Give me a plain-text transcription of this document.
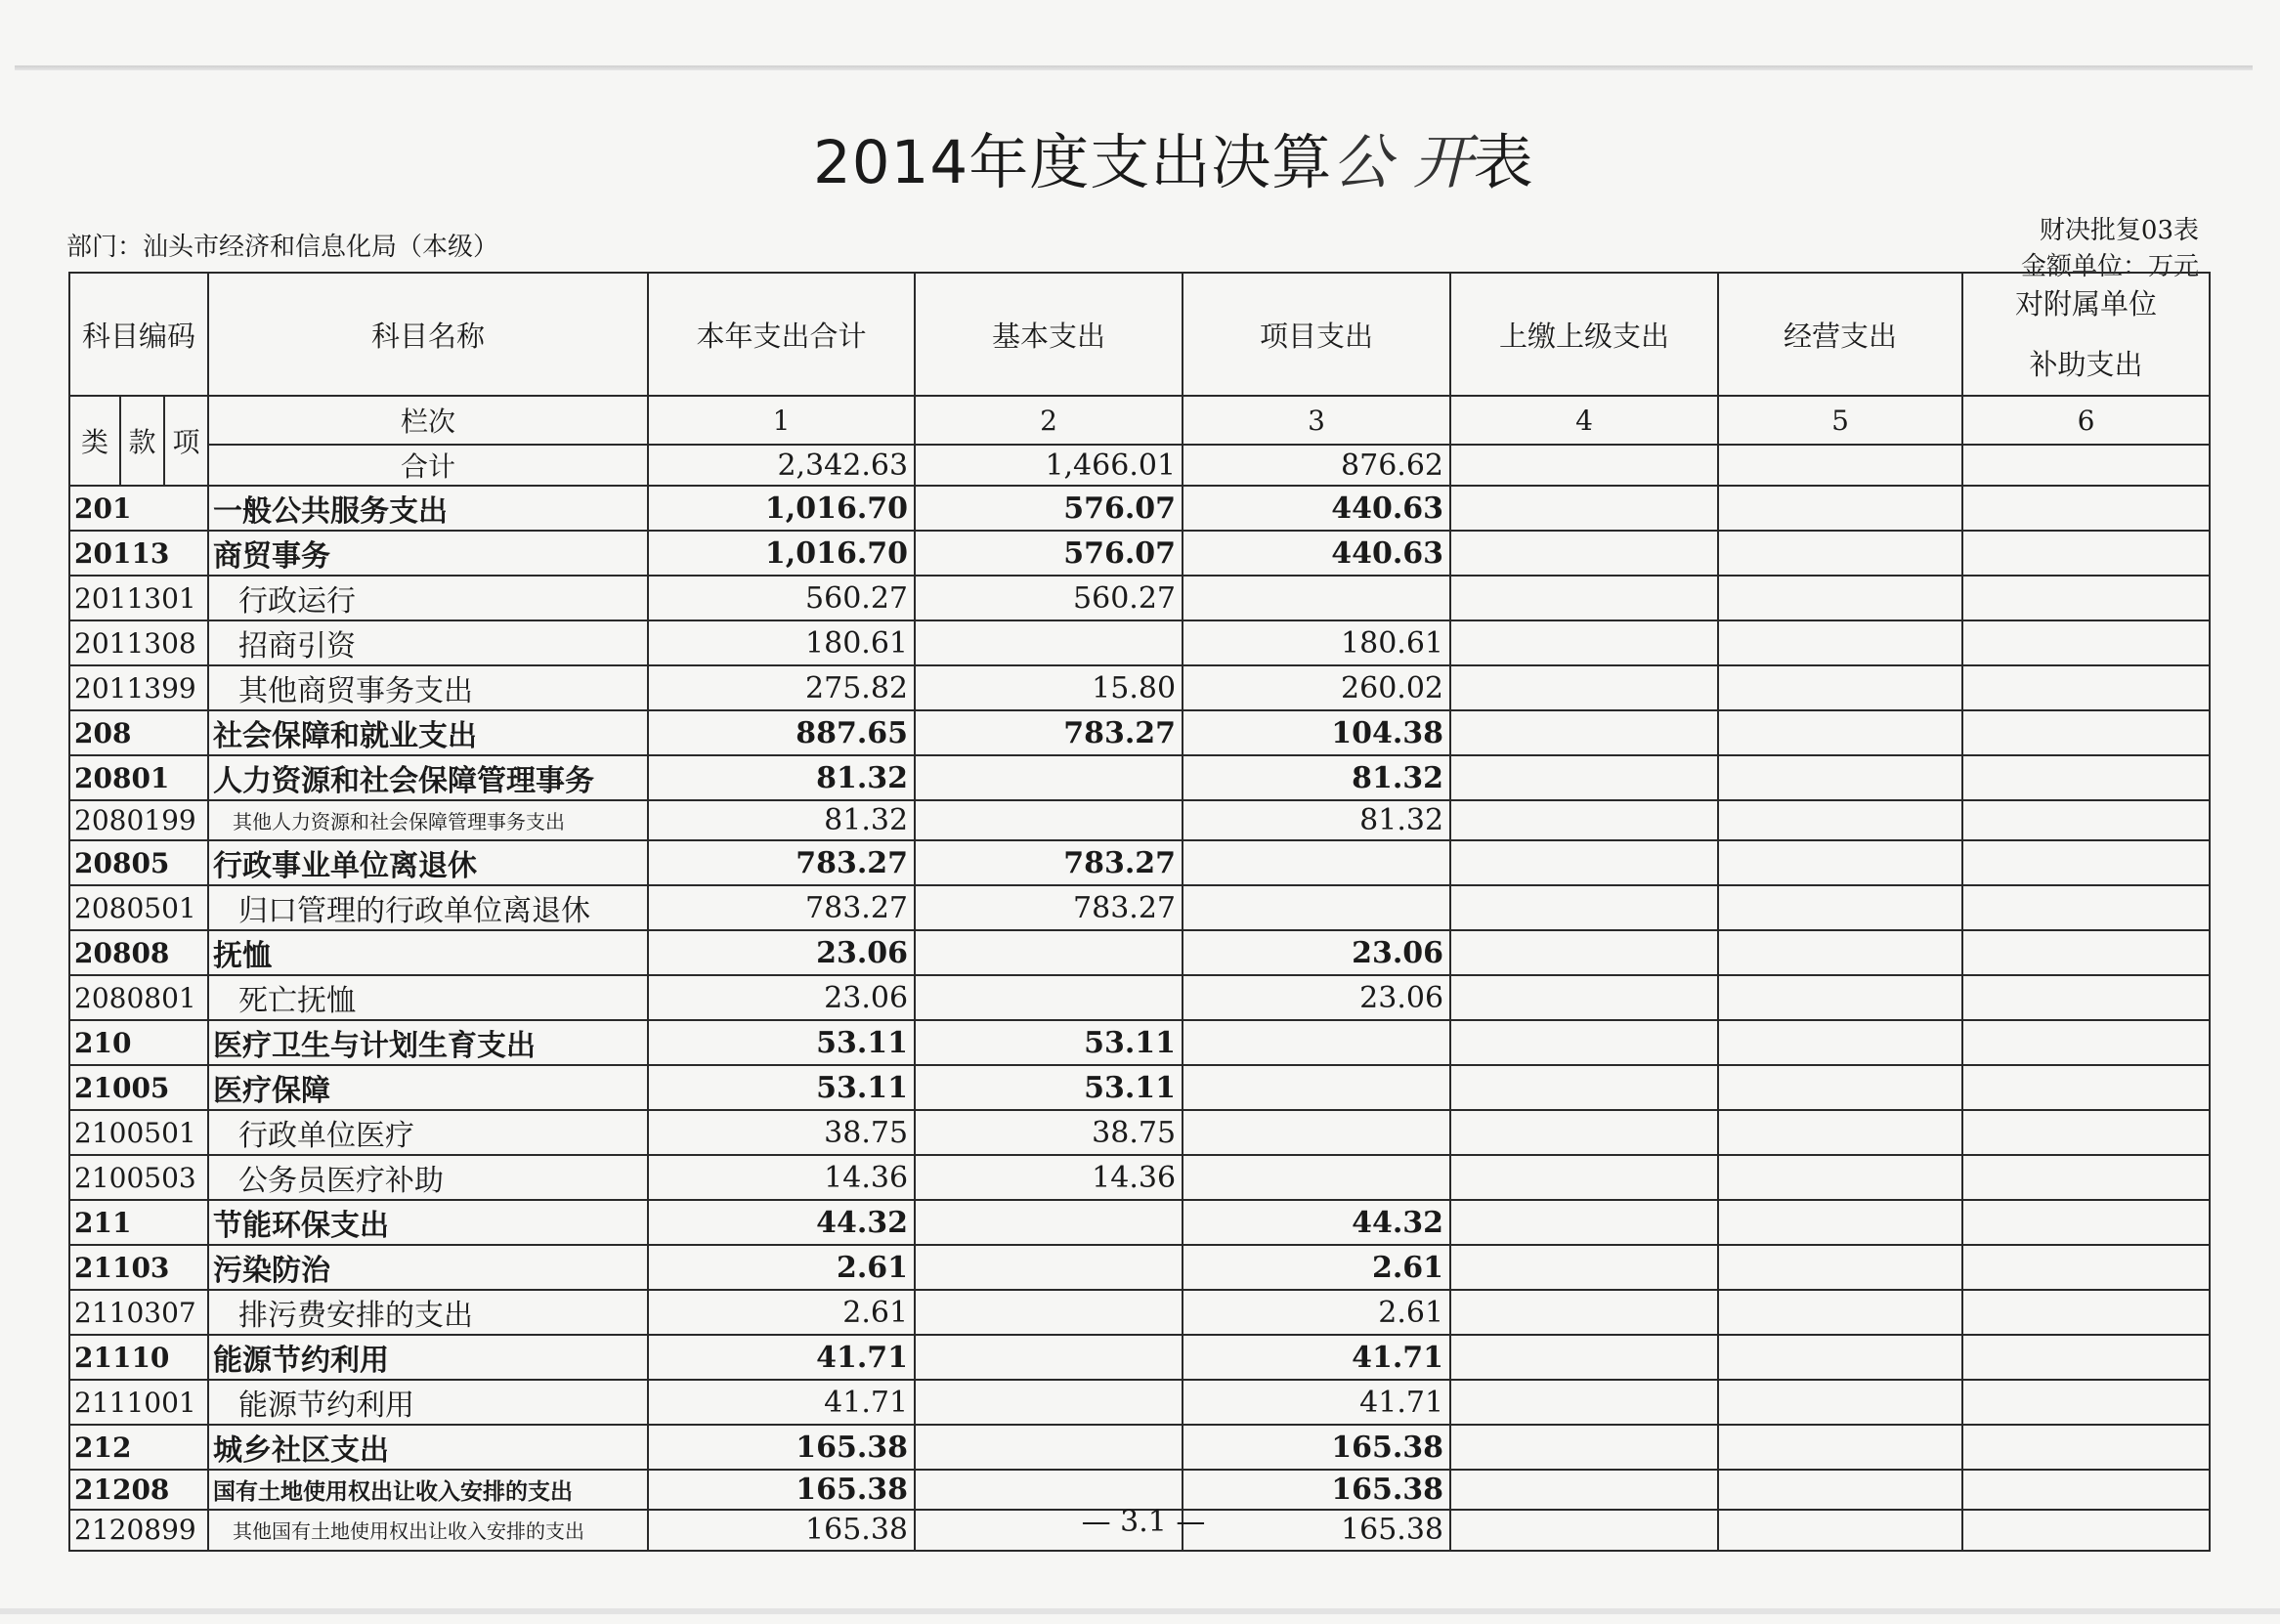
2014年度支出决算公 开表
部门：汕头市经济和信息化局（本级）
财决批复03表
金额单位：万元
科目编码			科目名称	本年支出合计	基本支出	项目支出	上缴上级支出	经营支出	对附属单位补助支出
类	款	项	栏次	1	2	3	4	5	6
			合计	2,342.63	1,466.01	876.62			
201			一般公共服务支出	1,016.70	576.07	440.63			
20113			商贸事务	1,016.70	576.07	440.63			
2011301			行政运行	560.27	560.27				
2011308			招商引资	180.61		180.61			
2011399			其他商贸事务支出	275.82	15.80	260.02			
208			社会保障和就业支出	887.65	783.27	104.38			
20801			人力资源和社会保障管理事务	81.32		81.32			
2080199			其他人力资源和社会保障管理事务支出	81.32		81.32			
20805			行政事业单位离退休	783.27	783.27				
2080501			归口管理的行政单位离退休	783.27	783.27				
20808			抚恤	23.06		23.06			
2080801			死亡抚恤	23.06		23.06			
210			医疗卫生与计划生育支出	53.11	53.11				
21005			医疗保障	53.11	53.11				
2100501			行政单位医疗	38.75	38.75				
2100503			公务员医疗补助	14.36	14.36				
211			节能环保支出	44.32		44.32			
21103			污染防治	2.61		2.61			
2110307			排污费安排的支出	2.61		2.61			
21110			能源节约利用	41.71		41.71			
2111001			能源节约利用	41.71		41.71			
212			城乡社区支出	165.38		165.38			
21208			国有土地使用权出让收入安排的支出	165.38		165.38			
2120899			其他国有土地使用权出让收入安排的支出	165.38		165.38			
— 3.1 —
